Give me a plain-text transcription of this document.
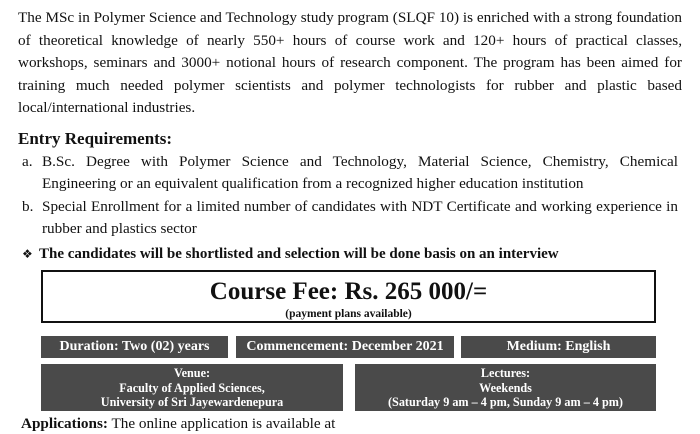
The MSc in Polymer Science and Technology study program (SLQF 10) is enriched with a strong foundation of theoretical knowledge of nearly 550+ hours of course work and 120+ hours of practical classes, workshops, seminars and 3000+ notional hours of research component. The program has been aimed for training much needed polymer scientists and polymer technologists for rubber and plastic based local/international industries.

Entry Requirements:
a. B.Sc. Degree with Polymer Science and Technology, Material Science, Chemistry, Chemical Engineering or an equivalent qualification from a recognized higher education institution
b. Special Enrollment for a limited number of candidates with NDT Certificate and working experience in rubber and plastics sector
❖ The candidates will be shortlisted and selection will be done basis on an interview
Course Fee: Rs. 265 000/=
(payment plans available)
Duration: Two (02) years	Commencement: December 2021	Medium: English
Venue:
Faculty of Applied Sciences,
University of Sri Jayewardenepura
Lectures:
Weekends
(Saturday 9 am – 4 pm, Sunday 9 am – 4 pm)
Applications: The online application is available at
